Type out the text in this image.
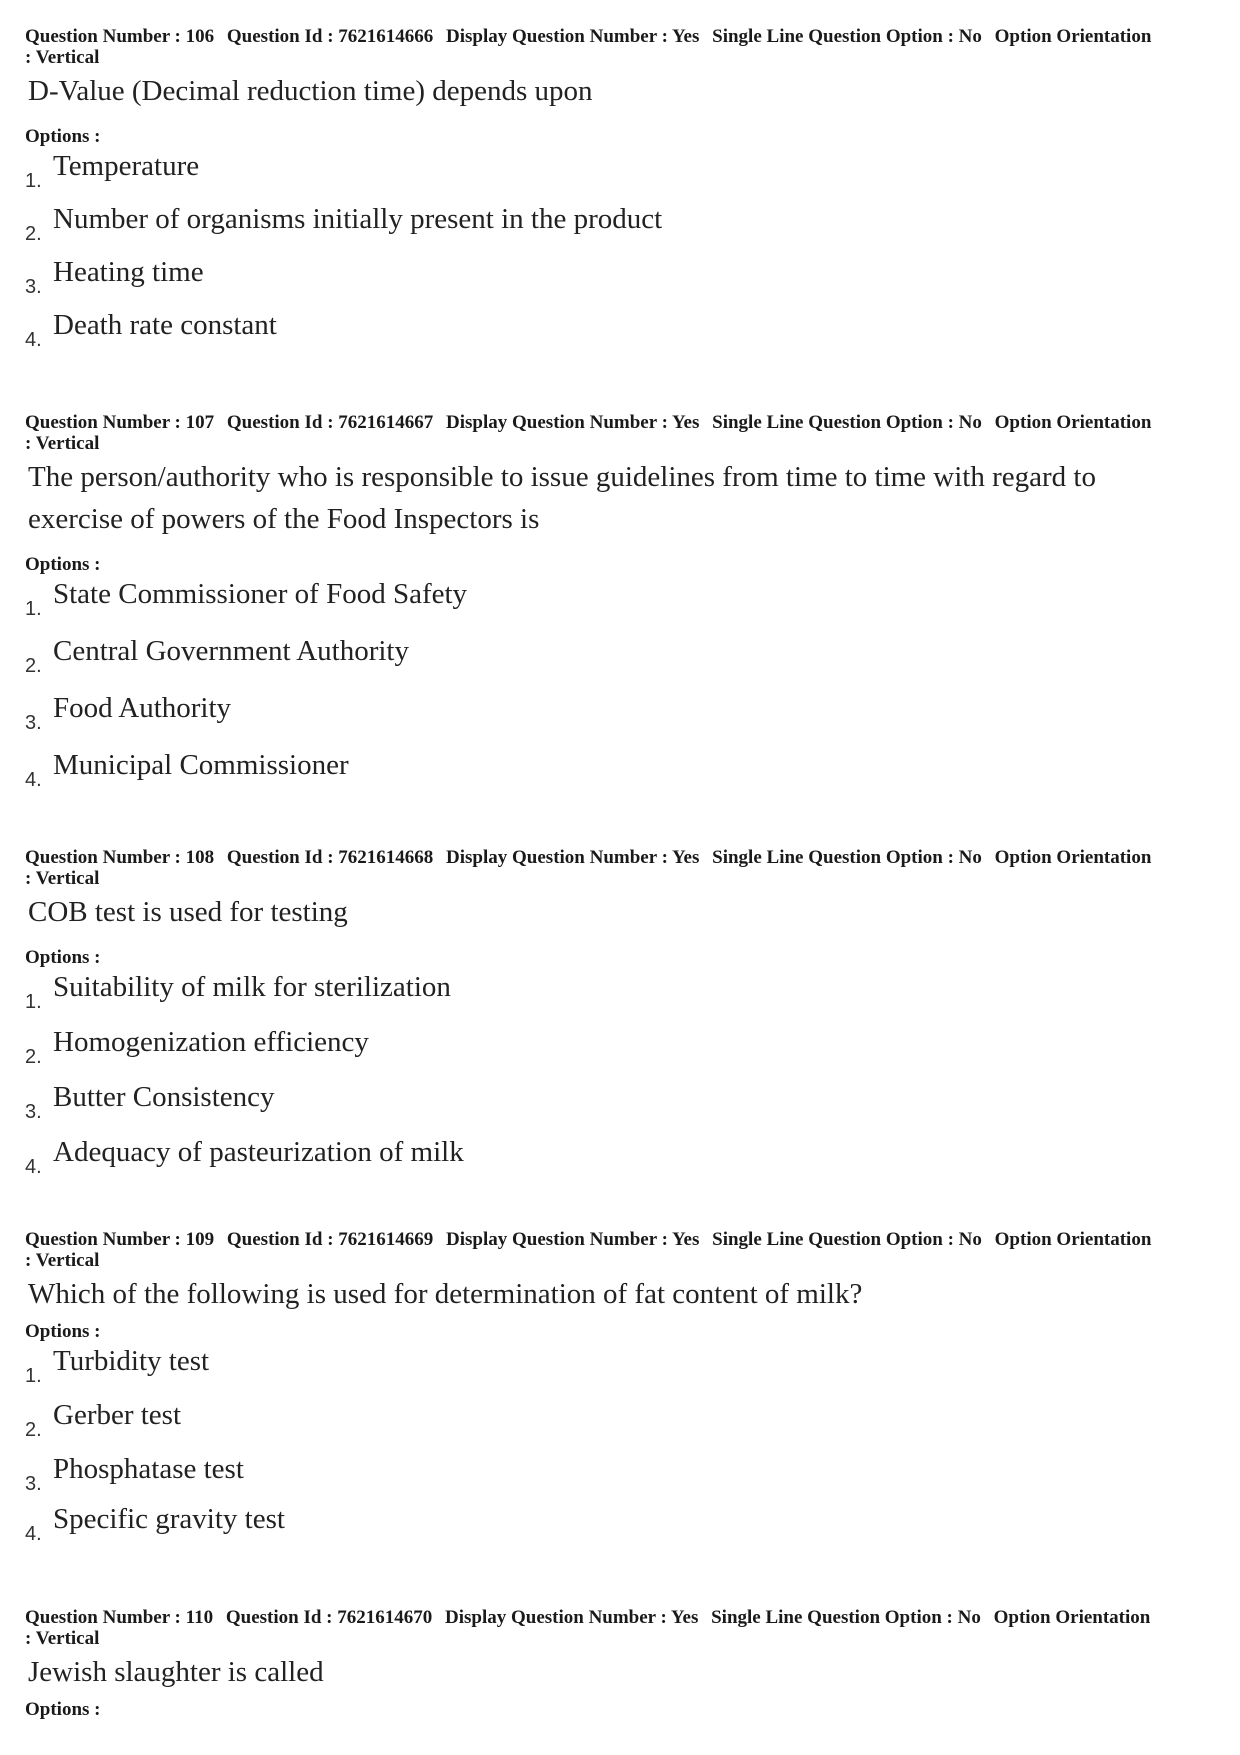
Question Number : 106 Question Id : 7621614666 Display Question Number : Yes Single Line Question Option : No Option Orientation : Vertical
D-Value (Decimal reduction time) depends upon
Options :
1. Temperature
2. Number of organisms initially present in the product
3. Heating time
4. Death rate constant
Question Number : 107 Question Id : 7621614667 Display Question Number : Yes Single Line Question Option : No Option Orientation : Vertical
The person/authority who is responsible to issue guidelines from time to time with regard to exercise of powers of the Food Inspectors is
Options :
1. State Commissioner of Food Safety
2. Central Government Authority
3. Food Authority
4. Municipal Commissioner
Question Number : 108 Question Id : 7621614668 Display Question Number : Yes Single Line Question Option : No Option Orientation : Vertical
COB test is used for testing
Options :
1. Suitability of milk for sterilization
2. Homogenization efficiency
3. Butter Consistency
4. Adequacy of pasteurization of milk
Question Number : 109 Question Id : 7621614669 Display Question Number : Yes Single Line Question Option : No Option Orientation : Vertical
Which of the following is used for determination of fat content of milk?
Options :
1. Turbidity test
2. Gerber test
3. Phosphatase test
4. Specific gravity test
Question Number : 110 Question Id : 7621614670 Display Question Number : Yes Single Line Question Option : No Option Orientation : Vertical
Jewish slaughter is called
Options :
